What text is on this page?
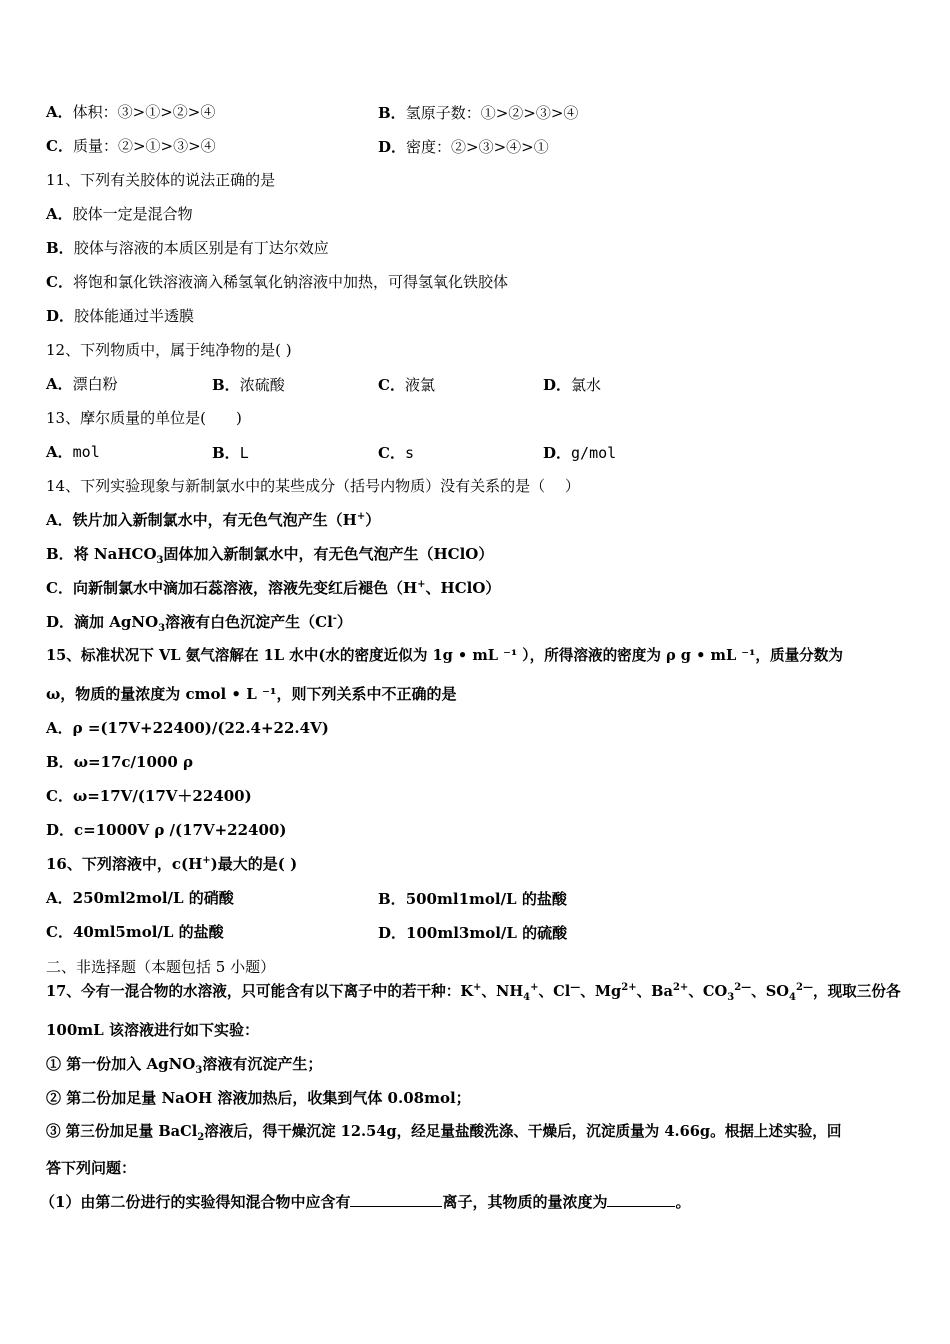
A．体积：③>①>②>④	B．氢原子数：①>②>③>④
C．质量：②>①>③>④	D．密度：②>③>④>①
11、下列有关胶体的说法正确的是
A．胶体一定是混合物
B．胶体与溶液的本质区别是有丁达尔效应
C．将饱和氯化铁溶液滴入稀氢氧化钠溶液中加热，可得氢氧化铁胶体
D．胶体能通过半透膜
12、下列物质中，属于纯净物的是( )
A．漂白粉	B．浓硫酸	C．液氯	D．氯水
13、摩尔质量的单位是(　　)
A．mol	B．L	C．s	D．g/mol
14、下列实验现象与新制氯水中的某些成分（括号内物质）没有关系的是（　 ）
A．铁片加入新制氯水中，有无色气泡产生（H+）
B．将 NaHCO$_3$固体加入新制氯水中，有无色气泡产生（HClO）
C．向新制氯水中滴加石蕊溶液，溶液先变红后褪色（H+、HClO）
D．滴加 AgNO$_3$溶液有白色沉淀产生（Cl-）
15、标准状况下 VL 氨气溶解在 1L 水中(水的密度近似为 1g • mL ⁻¹ ），所得溶液的密度为 ρ g • mL ⁻¹，质量分数为
ω，物质的量浓度为 cmol • L ⁻¹，则下列关系中不正确的是
A．ρ =(17V+22400)/(22.4+22.4V)
B．ω=17c/1000 ρ
C．ω=17V/(17V＋22400)
D．c=1000V ρ /(17V+22400)
16、下列溶液中，c(H+)最大的是( )
A．250ml2mol/L 的硝酸	B．500ml1mol/L 的盐酸
C．40ml5mol/L 的盐酸	D．100ml3mol/L 的硫酸
二、非选择题（本题包括 5 小题）
17、今有一混合物的水溶液，只可能含有以下离子中的若干种：K+、$NH_4^+$、Cl—、$Mg^{2+}$、$Ba^{2+}$、$CO_3^{2—}$、$SO_4^{2—}$，现取三份各
100mL 该溶液进行如下实验：
① 第一份加入 AgNO$_3$溶液有沉淀产生；
② 第二份加足量 NaOH 溶液加热后，收集到气体 0.08mol；
③ 第三份加足量 BaCl$_2$溶液后，得干燥沉淀 12.54g，经足量盐酸洗涤、干燥后，沉淀质量为 4.66g。根据上述实验，回
答下列问题：
（1）由第二份进行的实验得知混合物中应含有	离子，其物质的量浓度为	。
